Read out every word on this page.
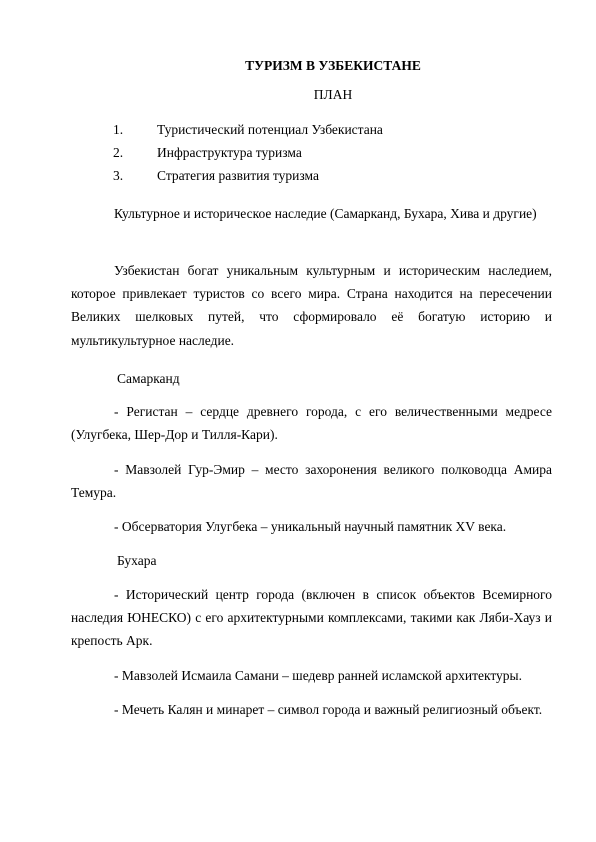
ТУРИЗМ В УЗБЕКИСТАНЕ
ПЛАН
1.	Туристический потенциал Узбекистана
2.	Инфраструктура туризма
3.	Стратегия развития туризма

Культурное и историческое наследие (Самарканд, Бухара, Хива и другие)

Узбекистан богат уникальным культурным и историческим наследием, которое привлекает туристов со всего мира. Страна находится на пересечении Великих шелковых путей, что сформировало её богатую историю и мультикультурное наследие.

Самарканд

- Регистан – сердце древнего города, с его величественными медресе (Улугбека, Шер-Дор и Тилля-Кари).

- Мавзолей Гур-Эмир – место захоронения великого полководца Амира Темура.

- Обсерватория Улугбека – уникальный научный памятник XV века.

Бухара

- Исторический центр города (включен в список объектов Всемирного наследия ЮНЕСКО) с его архитектурными комплексами, такими как Ляби-Хауз и крепость Арк.

- Мавзолей Исмаила Самани – шедевр ранней исламской архитектуры.

- Мечеть Калян и минарет – символ города и важный религиозный объект.
